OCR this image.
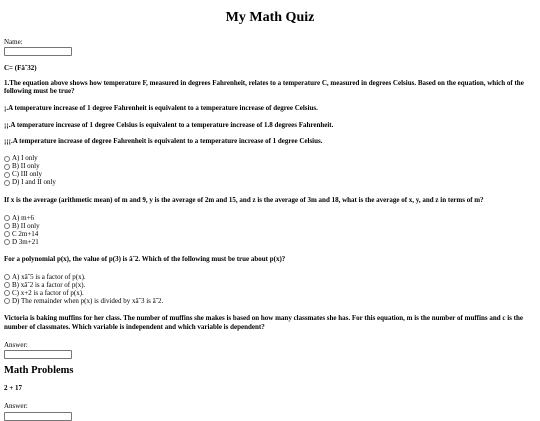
My Math Quiz
Name:

C= (Fâ˘32)

1.The equation above shows how temperature F, measured in degrees Fahrenheit, relates to a temperature C, measured in degrees Celsius. Based on the equation, which of the following must be true?

¡.A temperature increase of 1 degree Fahrenheit is equivalent to a temperature increase of degree Celsius.

¡¡.A temperature increase of 1 degree Celsius is equivalent to a temperature increase of 1.8 degrees Fahrenheit.

¡¡¡.A temperature increase of degree Fahrenheit is equivalent to a temperature increase of 1 degree Celsius.

A) I only
B) II only
C) III only
D) I and II only

If x is the average (arithmetic mean) of m and 9, y is the average of 2m and 15, and z is the average of 3m and 18, what is the average of x, y, and z in terms of m?

A) m+6
B) II only
C 2m+14
D 3m+21

For a polynomial p(x), the value of p(3) is â˘2. Which of the following must be true about p(x)?

A) xâ˘5 is a factor of p(x).
B) xâ˘2 is a factor of p(x).
C) x+2 is a factor of p(x).
D) The remainder when p(x) is divided by xâ˘3 is â˘2.

Victoria is baking muffins for her class. The number of muffins she makes is based on how many classmates she has. For this equation, m is the number of muffins and c is the number of classmates. Which variable is independent and which variable is dependent?

Answer:
Math Problems

2 + 17

Answer:
